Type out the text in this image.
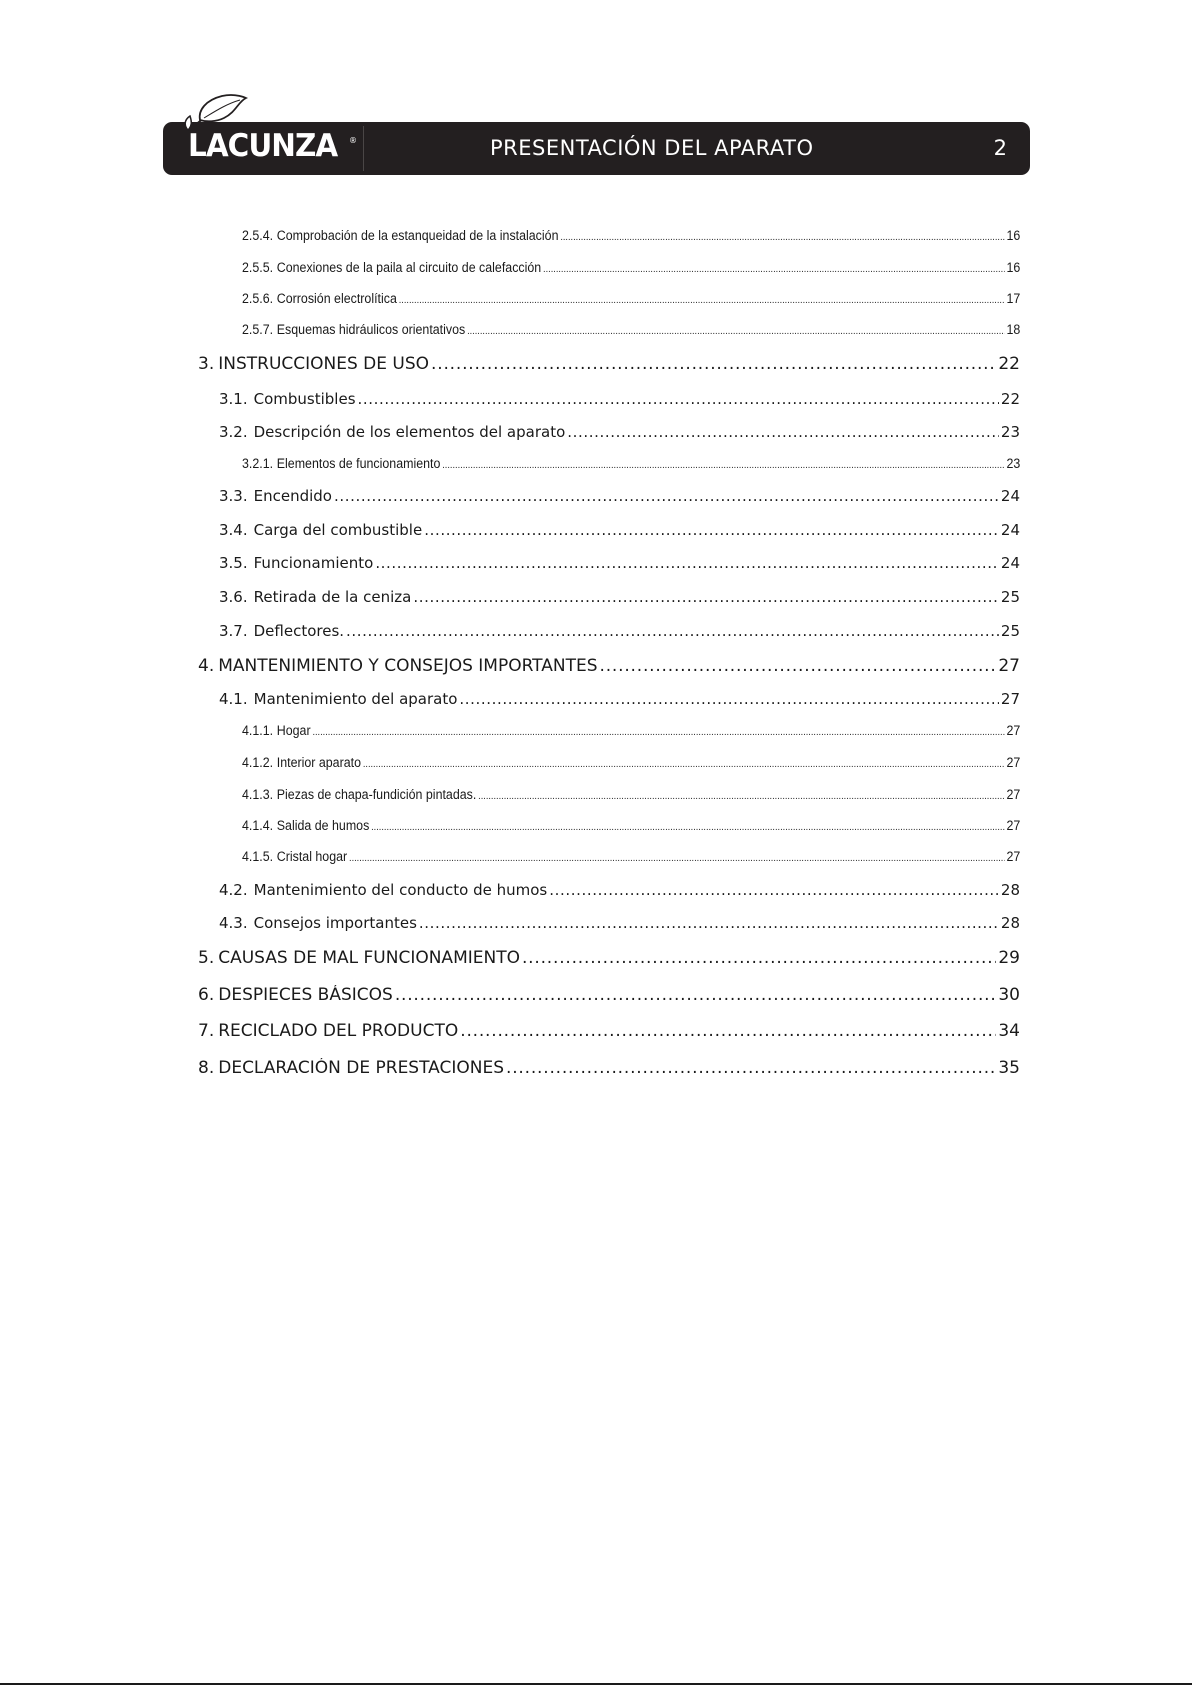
LACUNZA ®	PRESENTACIÓN DEL APARATO	2
2.5.4. Comprobación de la estanqueidad de la instalación .....	16
2.5.5. Conexiones de la paila al circuito de calefacción .....	16
2.5.6. Corrosión electrolítica .....	17
2.5.7. Esquemas hidráulicos orientativos .....	18
3. INSTRUCCIONES DE USO .....	22
3.1. Combustibles .....	22
3.2. Descripción de los elementos del aparato .....	23
3.2.1. Elementos de funcionamiento .....	23
3.3. Encendido .....	24
3.4. Carga del combustible .....	24
3.5. Funcionamiento .....	24
3.6. Retirada de la ceniza .....	25
3.7. Deflectores. .....	25
4. MANTENIMIENTO Y CONSEJOS IMPORTANTES .....	27
4.1. Mantenimiento del aparato .....	27
4.1.1. Hogar .....	27
4.1.2. Interior aparato .....	27
4.1.3. Piezas de chapa-fundición pintadas. .....	27
4.1.4. Salida de humos .....	27
4.1.5. Cristal hogar .....	27
4.2. Mantenimiento del conducto de humos .....	28
4.3. Consejos importantes .....	28
5. CAUSAS DE MAL FUNCIONAMIENTO .....	29
6. DESPIECES BÁSICOS .....	30
7. RECICLADO DEL PRODUCTO .....	34
8. DECLARACIÓN DE PRESTACIONES .....	35
